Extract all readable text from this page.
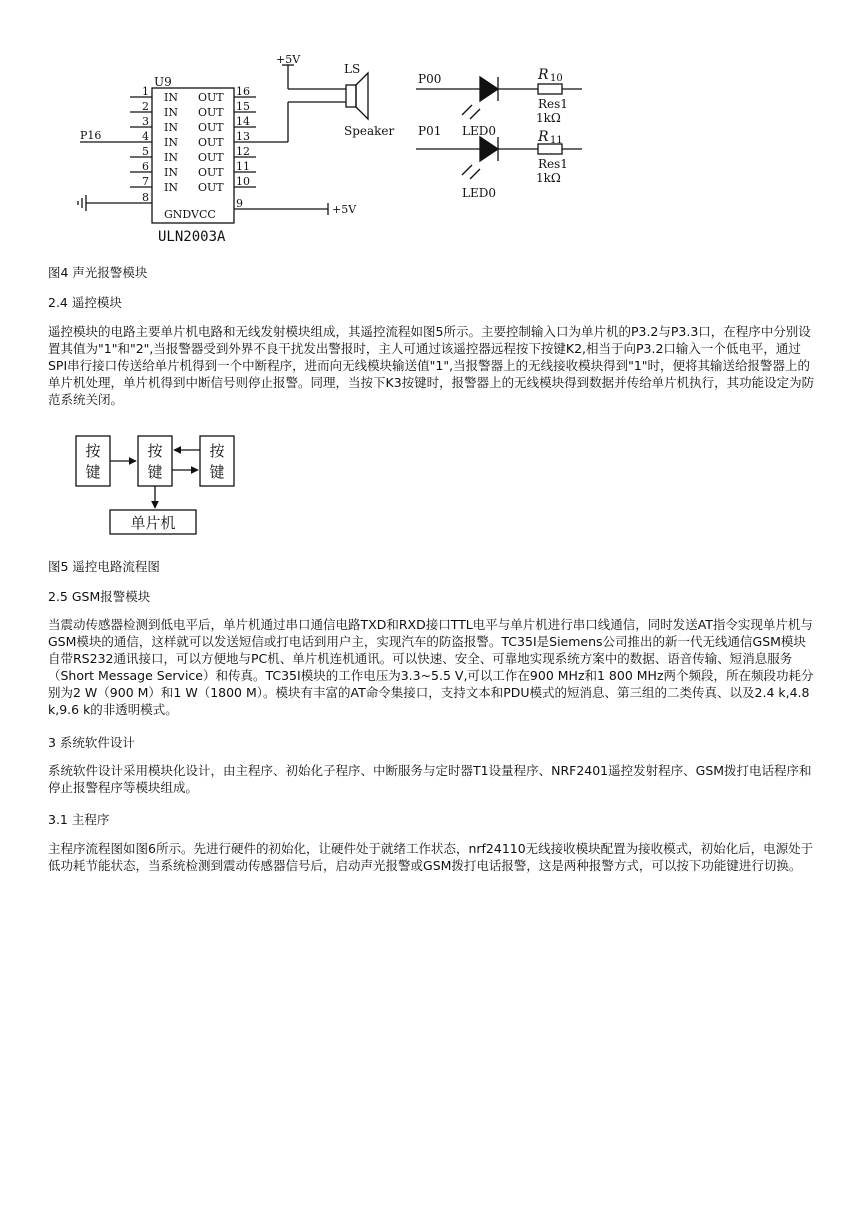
U9
ULN2003A
1
2
3
4
5
6
7
8
16
15
14
13
12
11
10
9
IN
IN
IN
IN
IN
IN
IN
OUT
OUT
OUT
OUT
OUT
OUT
OUT
GNDVCC
P16
+5V
+5V
LS
Speaker
P00
P01 LED0
LED0
R 10
R 11
Res1
1kΩ
Res1
1kΩ

图4 声光报警模块

2.4 遥控模块

遥控模块的电路主要单片机电路和无线发射模块组成，其遥控流程如图5所示。主要控制输入口为单片机的P3.2与P3.3口，在程序中分别设置其值为"1"和"2",当报警器受到外界不良干扰发出警报时，主人可通过该遥控器远程按下按键K2,相当于向P3.2口输入一个低电平，通过SPI串行接口传送给单片机得到一个中断程序，进而向无线模块输送值"1",当报警器上的无线接收模块得到"1"时，便将其输送给报警器上的单片机处理，单片机得到中断信号则停止报警。同理，当按下K3按键时，报警器上的无线模块得到数据并传给单片机执行，其功能设定为防范系统关闭。

按
键
按
键
按
键
单片机

图5 遥控电路流程图

2.5 GSM报警模块

当震动传感器检测到低电平后，单片机通过串口通信电路TXD和RXD接口TTL电平与单片机进行串口线通信，同时发送AT指令实现单片机与GSM模块的通信，这样就可以发送短信或打电话到用户主，实现汽车的防盗报警。TC35I是Siemens公司推出的新一代无线通信GSM模块自带RS232通讯接口，可以方便地与PC机、单片机连机通讯。可以快速、安全、可靠地实现系统方案中的数据、语音传输、短消息服务（Short Message Service）和传真。TC35I模块的工作电压为3.3~5.5 V,可以工作在900 MHz和1 800 MHz两个频段，所在频段功耗分别为2 W（900 M）和1 W（1800 M）。模块有丰富的AT命令集接口，支持文本和PDU模式的短消息、第三组的二类传真、以及2.4 k,4.8 k,9.6 k的非透明模式。

3 系统软件设计

系统软件设计采用模块化设计，由主程序、初始化子程序、中断服务与定时器T1设量程序、NRF2401遥控发射程序、GSM拨打电话程序和停止报警程序等模块组成。

3.1 主程序

主程序流程图如图6所示。先进行硬件的初始化，让硬件处于就绪工作状态，nrf24110无线接收模块配置为接收模式，初始化后，电源处于低功耗节能状态，当系统检测到震动传感器信号后，启动声光报警或GSM拨打电话报警，这是两种报警方式，可以按下功能键进行切换。
